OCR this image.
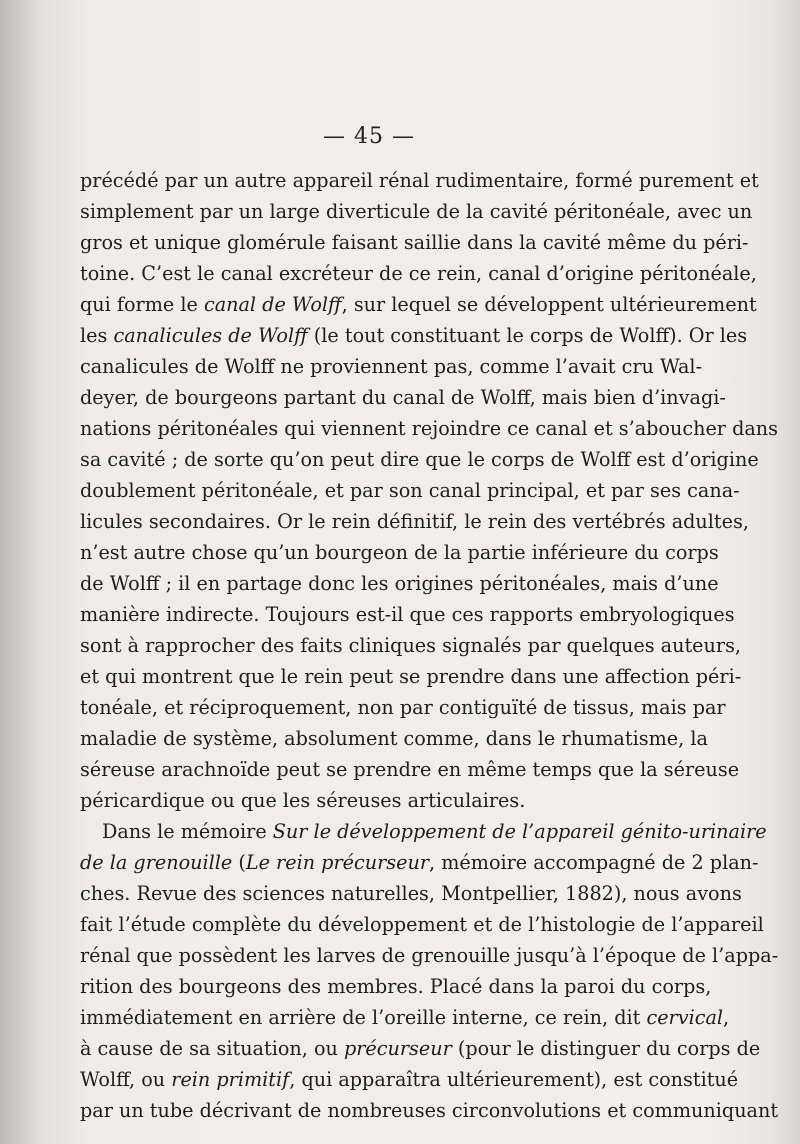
— 45 —
précédé par un autre appareil rénal rudimentaire, formé purement et
simplement par un large diverticule de la cavité péritonéale, avec un
gros et unique glomérule faisant saillie dans la cavité même du péri-
toine. C’est le canal excréteur de ce rein, canal d’origine péritonéale,
qui forme le canal de Wolff, sur lequel se développent ultérieurement
les canalicules de Wolff (le tout constituant le corps de Wolff). Or les
canalicules de Wolff ne proviennent pas, comme l’avait cru Wal-
deyer, de bourgeons partant du canal de Wolff, mais bien d’invagi-
nations péritonéales qui viennent rejoindre ce canal et s’aboucher dans
sa cavité ; de sorte qu’on peut dire que le corps de Wolff est d’origine
doublement péritonéale, et par son canal principal, et par ses cana-
licules secondaires. Or le rein définitif, le rein des vertébrés adultes,
n’est autre chose qu’un bourgeon de la partie inférieure du corps
de Wolff ; il en partage donc les origines péritonéales, mais d’une
manière indirecte. Toujours est-il que ces rapports embryologiques
sont à rapprocher des faits cliniques signalés par quelques auteurs,
et qui montrent que le rein peut se prendre dans une affection péri-
tonéale, et réciproquement, non par contiguïté de tissus, mais par
maladie de système, absolument comme, dans le rhumatisme, la
séreuse arachnoïde peut se prendre en même temps que la séreuse
péricardique ou que les séreuses articulaires.
Dans le mémoire Sur le développement de l’appareil génito-urinaire
de la grenouille (Le rein précurseur, mémoire accompagné de 2 plan-
ches. Revue des sciences naturelles, Montpellier, 1882), nous avons
fait l’étude complète du développement et de l’histologie de l’appareil
rénal que possèdent les larves de grenouille jusqu’à l’époque de l’appa-
rition des bourgeons des membres. Placé dans la paroi du corps,
immédiatement en arrière de l’oreille interne, ce rein, dit cervical,
à cause de sa situation, ou précurseur (pour le distinguer du corps de
Wolff, ou rein primitif, qui apparaîtra ultérieurement), est constitué
par un tube décrivant de nombreuses circonvolutions et communiquant
